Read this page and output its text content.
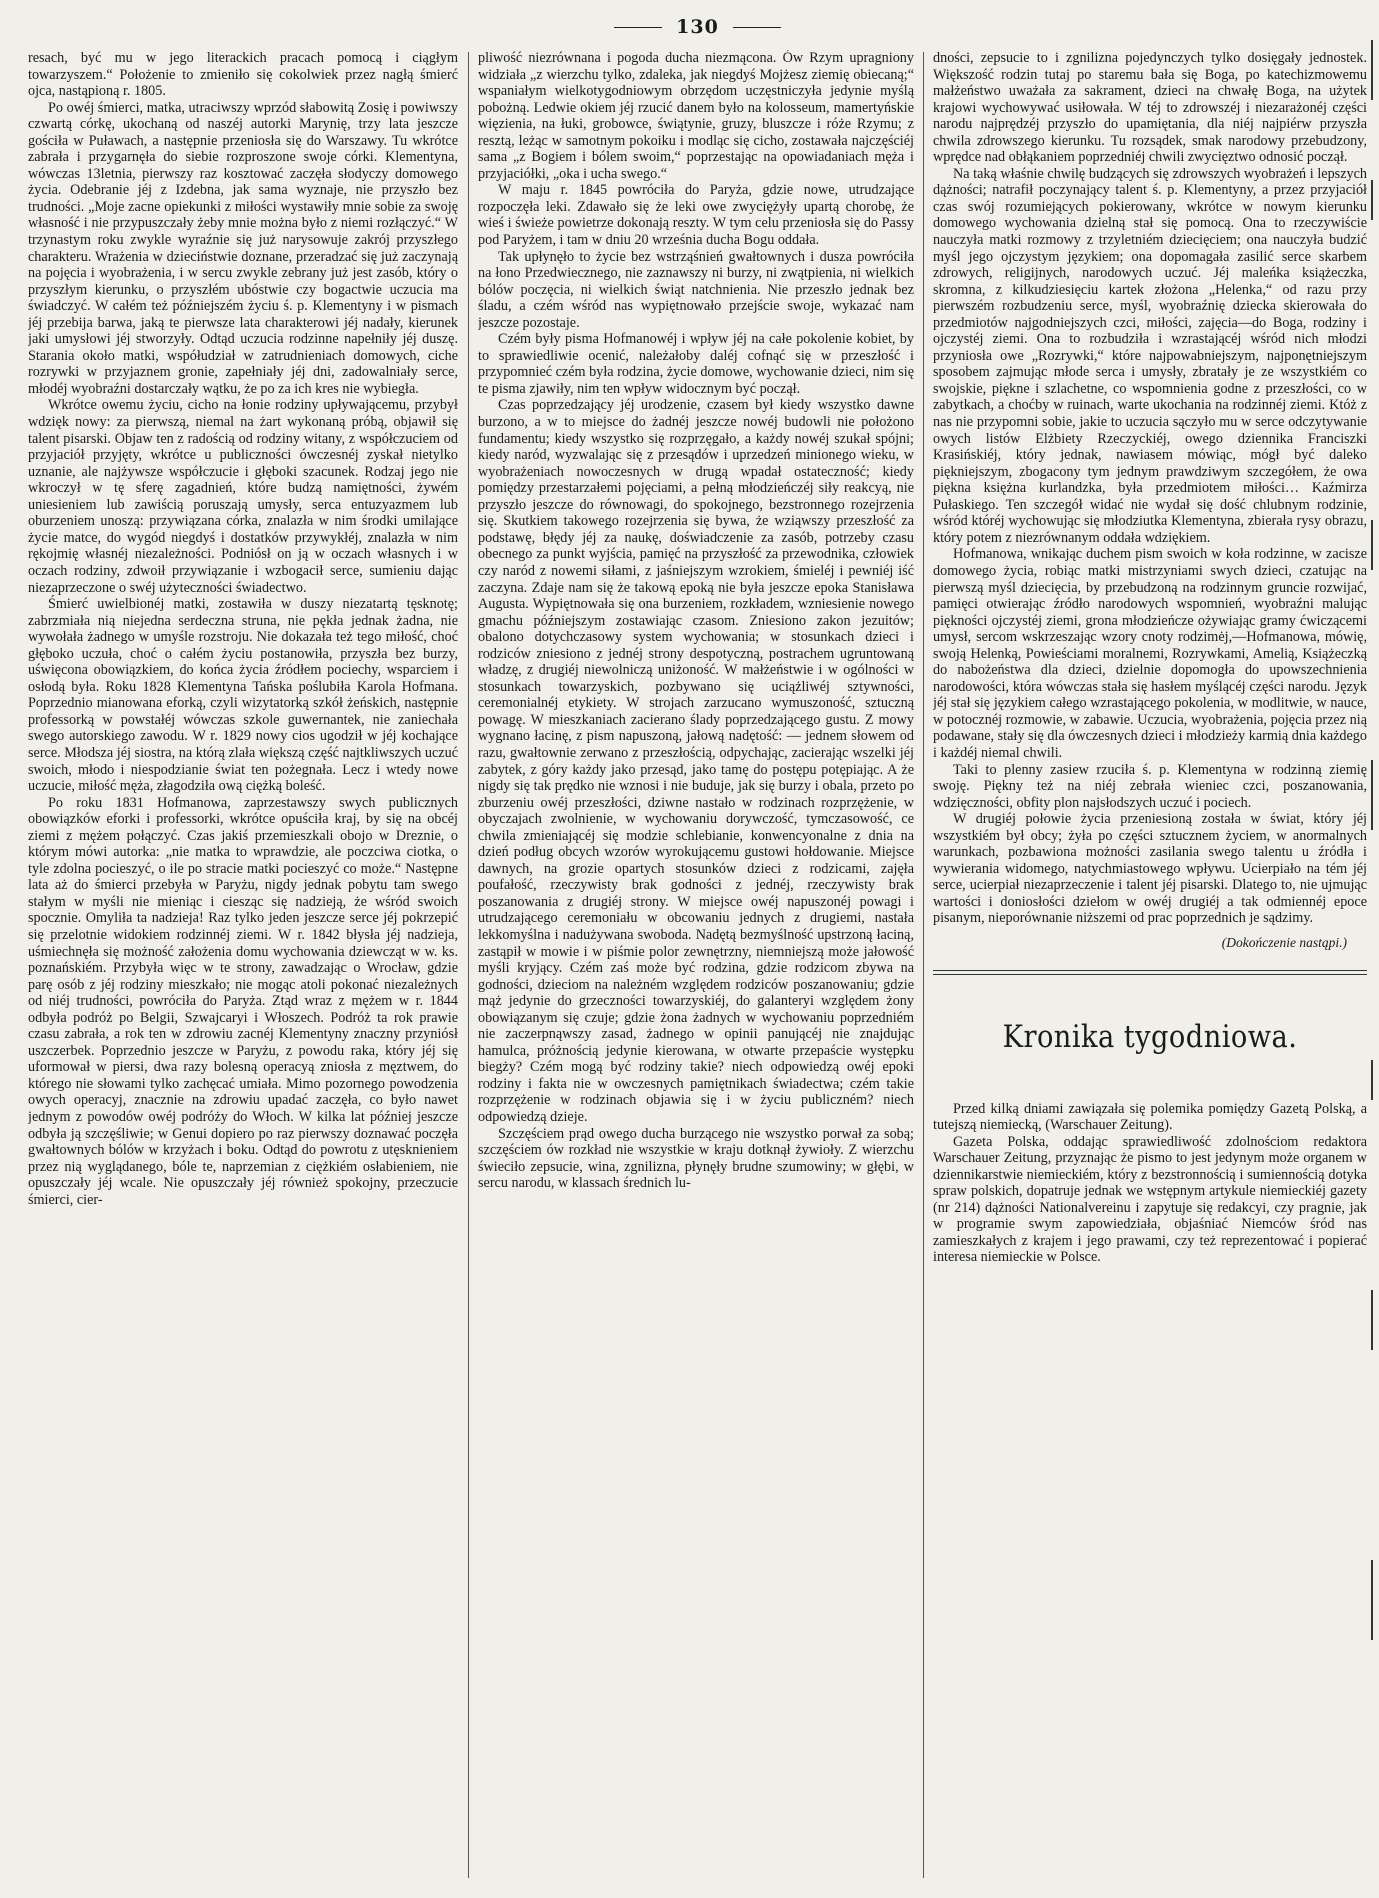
130

resach, być mu w jego literackich pracach pomocą i ciągłym towarzyszem.“ Położenie to zmieniło się cokolwiek przez nagłą śmierć ojca, nastąpioną r. 1805.

Po owéj śmierci, matka, utraciwszy wprzód słabowitą Zosię i powiwszy czwartą córkę, ukochaną od naszéj autorki Marynię, trzy lata jeszcze gościła w Puławach, a następnie przeniosła się do Warszawy. Tu wkrótce zabrała i przygarnęła do siebie rozproszone swoje córki. Klementyna, wówczas 13letnia, pierwszy raz kosztować zaczęła słodyczy domowego życia. Odebranie jéj z Izdebna, jak sama wyznaje, nie przyszło bez trudności. „Moje zacne opiekunki z miłości wystawiły mnie sobie za swoję własność i nie przypuszczały żeby mnie można było z niemi rozłączyć.“ W trzynastym roku zwykle wyraźnie się już narysowuje zakrój przyszłego charakteru. Wrażenia w dzieciństwie doznane, przeradzać się już zaczynają na pojęcia i wyobrażenia, i w sercu zwykle zebrany już jest zasób, który o przyszłym kierunku, o przyszłém ubóstwie czy bogactwie uczucia ma świadczyć. W całém też późniejszém życiu ś. p. Klementyny i w pismach jéj przebija barwa, jaką te pierwsze lata charakterowi jéj nadały, kierunek jaki umysłowi jéj stworzyły. Odtąd uczucia rodzinne napełniły jéj duszę. Starania około matki, współudział w zatrudnieniach domowych, ciche rozrywki w przyjaznem gronie, zapełniały jéj dni, zadowalniały serce, młodéj wyobraźni dostarczały wątku, że po za ich kres nie wybiegła.

Wkrótce owemu życiu, cicho na łonie rodziny upływającemu, przybył wdzięk nowy: za pierwszą, niemal na żart wykonaną próbą, objawił się talent pisarski. Objaw ten z radością od rodziny witany, z współczuciem od przyjaciół przyjęty, wkrótce u publiczności ówczesnéj zyskał nietylko uznanie, ale najżywsze współczucie i głęboki szacunek. Rodzaj jego nie wkroczył w tę sferę zagadnień, które budzą namiętności, żywém uniesieniem lub zawiścią poruszają umysły, serca entuzyazmem lub oburzeniem unoszą: przywiązana córka, znalazła w nim środki umilające życie matce, do wygód niegdyś i dostatków przywykłéj, znalazła w nim rękojmię własnéj niezależności. Podniósł on ją w oczach własnych i w oczach rodziny, zdwoił przywiązanie i wzbogacił serce, sumieniu dając niezaprzeczone o swéj użyteczności świadectwo.

Śmierć uwielbionéj matki, zostawiła w duszy niezatartą tęsknotę; zabrzmiała nią niejedna serdeczna struna, nie pękła jednak żadna, nie wywołała żadnego w umyśle rozstroju. Nie dokazała też tego miłość, choć głęboko uczuła, choć o całém życiu postanowiła, przyszła bez burzy, uświęcona obowiązkiem, do końca życia źródłem pociechy, wsparciem i osłodą była. Roku 1828 Klementyna Tańska poślubiła Karola Hofmana. Poprzednio mianowana eforką, czyli wizytatorką szkół żeńskich, następnie professorką w powstałéj wówczas szkole guwernantek, nie zaniechała swego autorskiego zawodu. W r. 1829 nowy cios ugodził w jéj kochające serce. Młodsza jéj siostra, na którą zlała większą część najtkliwszych uczuć swoich, młodo i niespodzianie świat ten pożegnała. Lecz i wtedy nowe uczucie, miłość męża, złagodziła ową ciężką boleść.

Po roku 1831 Hofmanowa, zaprzestawszy swych publicznych obowiązków eforki i professorki, wkrótce opuściła kraj, by się na obcéj ziemi z mężem połączyć. Czas jakiś przemieszkali obojo w Dreznie, o którym mówi autorka: „nie matka to wprawdzie, ale poczciwa ciotka, o tyle zdolna pocieszyć, o ile po stracie matki pocieszyć co może.“ Następne lata aż do śmierci przebyła w Paryżu, nigdy jednak pobytu tam swego stałym w myśli nie mieniąc i ciesząc się nadzieją, że wśród swoich spocznie. Omyliła ta nadzieja! Raz tylko jeden jeszcze serce jéj pokrzepić się przelotnie widokiem rodzinnéj ziemi. W r. 1842 błysła jéj nadzieja, uśmiechnęła się możność założenia domu wychowania dziewcząt w w. ks. poznańskiém. Przybyła więc w te strony, zawadzając o Wrocław, gdzie parę osób z jéj rodziny mieszkało; nie mogąc atoli pokonać niezależnych od niéj trudności, powróciła do Paryża. Ztąd wraz z mężem w r. 1844 odbyła podróż po Belgii, Szwajcaryi i Włoszech. Podróż ta rok prawie czasu zabrała, a rok ten w zdrowiu zacnéj Klementyny znaczny przyniósł uszczerbek. Poprzednio jeszcze w Paryżu, z powodu raka, który jéj się uformował w piersi, dwa razy bolesną operacyą zniosła z męztwem, do którego nie słowami tylko zachęcać umiała. Mimo pozornego powodzenia owych operacyj, znacznie na zdrowiu upadać zaczęła, co było nawet jednym z powodów owéj podróży do Włoch. W kilka lat później jeszcze odbyła ją szczęśliwie; w Genui dopiero po raz pierwszy doznawać poczęła gwałtownych bólów w krzyżach i boku. Odtąd do powrotu z utęsknieniem przez nią wyglądanego, bóle te, naprzemian z ciężkiém osłabieniem, nie opuszczały jéj wcale. Nie opuszczały jéj również spokojny, przeczucie śmierci, cier-

pliwość niezrównana i pogoda ducha niezmącona. Ów Rzym upragniony widziała „z wierzchu tylko, zdaleka, jak niegdyś Mojżesz ziemię obiecaną;“ wspaniałym wielkotygodniowym obrzędom uczęstniczyła jedynie myślą pobożną. Ledwie okiem jéj rzucić danem było na kolosseum, mamertyńskie więzienia, na łuki, grobowce, świątynie, gruzy, bluszcze i róże Rzymu; z resztą, leżąc w samotnym pokoiku i modląc się cicho, zostawała najczęściéj sama „z Bogiem i bólem swoim,“ poprzestając na opowiadaniach męża i przyjaciółki, „oka i ucha swego.“

W maju r. 1845 powróciła do Paryża, gdzie nowe, utrudzające rozpoczęła leki. Zdawało się że leki owe zwyciężyły upartą chorobę, że wieś i świeże powietrze dokonają reszty. W tym celu przeniosła się do Passy pod Paryżem, i tam w dniu 20 września ducha Bogu oddała.

Tak upłynęło to życie bez wstrząśnień gwałtownych i dusza powróciła na łono Przedwiecznego, nie zaznawszy ni burzy, ni zwątpienia, ni wielkich bólów poczęcia, ni wielkich świąt natchnienia. Nie przeszło jednak bez śladu, a czém wśród nas wypiętnowało przejście swoje, wykazać nam jeszcze pozostaje.

Czém były pisma Hofmanowéj i wpływ jéj na całe pokolenie kobiet, by to sprawiedliwie ocenić, należałoby daléj cofnąć się w przeszłość i przypomnieć czém była rodzina, życie domowe, wychowanie dzieci, nim się te pisma zjawiły, nim ten wpływ widocznym być począł.

Czas poprzedzający jéj urodzenie, czasem był kiedy wszystko dawne burzono, a w to miejsce do żadnéj jeszcze nowéj budowli nie położono fundamentu; kiedy wszystko się rozprzęgało, a każdy nowéj szukał spójni; kiedy naród, wyzwalając się z przesądów i uprzedzeń minionego wieku, w wyobrażeniach nowoczesnych w drugą wpadał ostateczność; kiedy pomiędzy przestarzałemi pojęciami, a pełną młodzieńczéj siły reakcyą, nie przyszło jeszcze do równowagi, do spokojnego, bezstronnego rozejrzenia się. Skutkiem takowego rozejrzenia się bywa, że wziąwszy przeszłość za podstawę, błędy jéj za naukę, doświadczenie za zasób, potrzeby czasu obecnego za punkt wyjścia, pamięć na przyszłość za przewodnika, człowiek czy naród z nowemi siłami, z jaśniejszym wzrokiem, śmieléj i pewniéj iść zaczyna. Zdaje nam się że takową epoką nie była jeszcze epoka Stanisława Augusta. Wypiętnowała się ona burzeniem, rozkładem, wzniesienie nowego gmachu późniejszym zostawiając czasom. Zniesiono zakon jezuitów; obalono dotychczasowy system wychowania; w stosunkach dzieci i rodziców zniesiono z jednéj strony despotyczną, postrachem ugruntowaną władzę, z drugiéj niewolniczą uniżoność. W małżeństwie i w ogólności w stosunkach towarzyskich, pozbywano się uciążliwéj sztywności, ceremonialnéj etykiety. W strojach zarzucano wymuszoność, sztuczną powagę. W mieszkaniach zacierano ślady poprzedzającego gustu. Z mowy wygnano łacinę, z pism napuszoną, jałową nadętość: — jednem słowem od razu, gwałtownie zerwano z przeszłością, odpychając, zacierając wszelki jéj zabytek, z góry każdy jako przesąd, jako tamę do postępu potępiając. A że nigdy się tak prędko nie wznosi i nie buduje, jak się burzy i obala, przeto po zburzeniu owéj przeszłości, dziwne nastało w rodzinach rozprzężenie, w obyczajach zwolnienie, w wychowaniu dorywczość, tymczasowość, ce chwila zmieniającéj się modzie schlebianie, konwencyonalne z dnia na dzień podług obcych wzorów wyrokującemu gustowi hołdowanie. Miejsce dawnych, na grozie opartych stosunków dzieci z rodzicami, zajęła poufałość, rzeczywisty brak godności z jednéj, rzeczywisty brak poszanowania z drugiéj strony. W miejsce owéj napuszonéj powagi i utrudzającego ceremoniału w obcowaniu jednych z drugiemi, nastała lekkomyślna i nadużywana swoboda. Nadętą bezmyślność upstrzoną łaciną, zastąpił w mowie i w piśmie polor zewnętrzny, niemniejszą może jałowość myśli kryjący. Czém zaś może być rodzina, gdzie rodzicom zbywa na godności, dzieciom na należném względem rodziców poszanowaniu; gdzie mąż jedynie do grzeczności towarzyskiéj, do galanteryi względem żony obowiązanym się czuje; gdzie żona żadnych w wychowaniu poprzedniém nie zaczerpnąwszy zasad, żadnego w opinii panującéj nie znajdując hamulca, próżnością jedynie kierowana, w otwarte przepaście występku biegży? Czém mogą być rodziny takie? niech odpowiedzą owéj epoki rodziny i fakta nie w owczesnych pamiętnikach świadectwa; czém takie rozprzężenie w rodzinach objawia się i w życiu publiczném? niech odpowiedzą dzieje.

Szczęściem prąd owego ducha burzącego nie wszystko porwał za sobą; szczęściem ów rozkład nie wszystkie w kraju dotknął żywioły. Z wierzchu świeciło zepsucie, wina, zgnilizna, płynęły brudne szumowiny; w głębi, w sercu narodu, w klassach średnich lu-

dności, zepsucie to i zgnilizna pojedynczych tylko dosięgały jednostek. Większość rodzin tutaj po staremu bała się Boga, po katechizmowemu małżeństwo uważała za sakrament, dzieci na chwałę Boga, na użytek krajowi wychowywać usiłowała. W téj to zdrowszéj i niezarażonéj części narodu najprędzéj przyszło do upamiętania, dla niéj najpiérw przyszła chwila zdrowszego kierunku. Tu rozsądek, smak narodowy przebudzony, wprędce nad obłąkaniem poprzedniéj chwili zwycięztwo odnosić począł.

Na taką właśnie chwilę budzących się zdrowszych wyobrażeń i lepszych dążności; natrafił poczynający talent ś. p. Klementyny, a przez przyjaciół czas swój rozumiejących pokierowany, wkrótce w nowym kierunku domowego wychowania dzielną stał się pomocą. Ona to rzeczywiście nauczyła matki rozmowy z trzyletniém dziecięciem; ona nauczyła budzić myśl jego ojczystym językiem; ona dopomagała zasilić serce skarbem zdrowych, religijnych, narodowych uczuć. Jéj maleńka książeczka, skromna, z kilkudziesięciu kartek złożona „Helenka,“ od razu przy pierwszém rozbudzeniu serce, myśl, wyobraźnię dziecka skierowała do przedmiotów najgodniejszych czci, miłości, zajęcia—do Boga, rodziny i ojczystéj ziemi. Ona to rozbudziła i wzrastającéj wśród nich młodzi przyniosła owe „Rozrywki,“ które najpowabniejszym, najponętniejszym sposobem zajmując młode serca i umysły, zbratały je ze wszystkiém co swojskie, piękne i szlachetne, co wspomnienia godne z przeszłości, co w zabytkach, a choćby w ruinach, warte ukochania na rodzinnéj ziemi. Któż z nas nie przypomni sobie, jakie to uczucia sączyło mu w serce odczytywanie owych listów Elżbiety Rzeczyckiéj, owego dziennika Franciszki Krasińskiéj, który jednak, nawiasem mówiąc, mógł być daleko piękniejszym, zbogacony tym jednym prawdziwym szczegółem, że owa piękna księżna kurlandzka, była przedmiotem miłości… Kaźmirza Pułaskiego. Ten szczegół widać nie wydał się dość chlubnym rodzinie, wśród któréj wychowując się młodziutka Klementyna, zbierała rysy obrazu, który potem z niezrównanym oddała wdziękiem.

Hofmanowa, wnikając duchem pism swoich w koła rodzinne, w zacisze domowego życia, robiąc matki mistrzyniami swych dzieci, czatując na pierwszą myśl dziecięcia, by przebudzoną na rodzinnym gruncie rozwijać, pamięci otwierając źródło narodowych wspomnień, wyobraźni malując piękności ojczystéj ziemi, grona młodzieńcze ożywiając gramy ćwiczącemi umysł, sercom wskrzeszając wzory cnoty rodzimėj,—Hofmanowa, mówię, swoją Helenką, Powieściami moralnemi, Rozrywkami, Amelią, Książeczką do nabożeństwa dla dzieci, dzielnie dopomogła do upowszechnienia narodowości, która wówczas stała się hasłem myślącéj części narodu. Język jéj stał się językiem całego wzrastającego pokolenia, w modlitwie, w nauce, w potocznéj rozmowie, w zabawie. Uczucia, wyobrażenia, pojęcia przez nią podawane, stały się dla ówczesnych dzieci i młodzieży karmią dnia każdego i każdéj niemal chwili.

Taki to plenny zasiew rzuciła ś. p. Klementyna w rodzinną ziemię swoję. Piękny też na niéj zebrała wieniec czci, poszanowania, wdzięczności, obfity plon najsłodszych uczuć i pociech.

W drugiéj połowie życia przeniesioną została w świat, który jéj wszystkiém był obcy; żyła po części sztucznem życiem, w anormalnych warunkach, pozbawiona możności zasilania swego talentu u źródła i wywierania widomego, natychmiastowego wpływu. Ucierpiało na tém jéj serce, ucierpiał niezaprzeczenie i talent jéj pisarski. Dlatego to, nie ujmując wartości i doniosłości dziełom w owéj drugiéj a tak odmiennéj epoce pisanym, nieporównanie niższemi od prac poprzednich je sądzimy.

(Dokończenie nastąpi.)

Kronika tygodniowa.

Przed kilką dniami zawiązała się polemika pomiędzy Gazetą Polską, a tutejszą niemiecką, (Warschauer Zeitung).

Gazeta Polska, oddając sprawiedliwość zdolnościom redaktora Warschauer Zeitung, przyznając że pismo to jest jedynym może organem w dziennikarstwie niemieckiém, który z bezstronnością i sumiennością dotyka spraw polskich, dopatruje jednak we wstępnym artykule niemieckiéj gazety (nr 214) dążności Nationalvereinu i zapytuje się redakcyi, czy pragnie, jak w programie swym zapowiedziała, objaśniać Niemców śród nas zamieszkałych z krajem i jego prawami, czy też reprezentować i popierać interesa niemieckie w Polsce.
